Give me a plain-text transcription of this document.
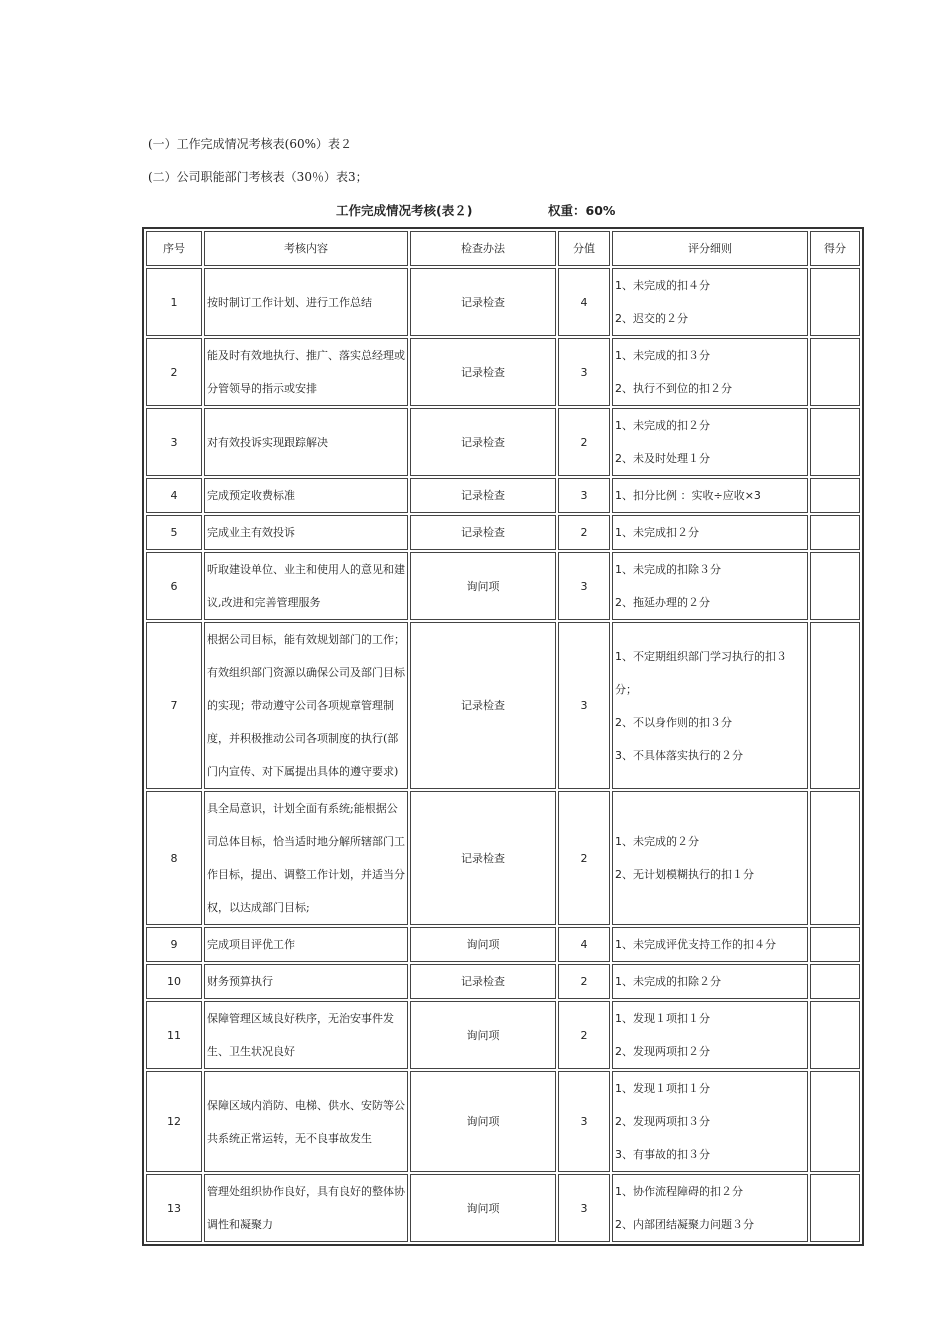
(一）工作完成情况考核表(60%）表２
(二）公司职能部门考核表（30％）表3；
工作完成情况考核(表２)	权重：60%
序号	考核内容	检查办法	分值	评分细则	得分
1	按时制订工作计划、进行工作总结	记录检查	4	1、未完成的扣４分
2、迟交的２分	

2	能及时有效地执行、推广、落实总经理或
分管领导的指示或安排	记录检查	3	1、未完成的扣３分
2、执行不到位的扣２分	

3	对有效投诉实现跟踪解决	记录检查	2	1、未完成的扣２分
2、未及时处理１分	

4	完成预定收费标准	记录检查	3	1、扣分比例 ：实收÷应收×3	

5	完成业主有效投诉	记录检查	2	1、未完成扣２分	

6	听取建设单位、业主和使用人的意见和建
议,改进和完善管理服务	询问项	3	1、未完成的扣除３分
2、拖延办理的２分	

7	根据公司目标，能有效规划部门的工作；
有效组织部门资源以确保公司及部门目标
的实现；带动遵守公司各项规章管理制
度，并积极推动公司各项制度的执行(部
门内宣传、对下属提出具体的遵守要求)	记录检查	3	1、不定期组织部门学习执行的扣３
分；
2、不以身作则的扣３分
3、不具体落实执行的２分	

8	具全局意识，计划全面有系统;能根据公
司总体目标，恰当适时地分解所辖部门工
作目标，提出、调整工作计划，并适当分
权，以达成部门目标;	记录检查	2	1、未完成的２分
2、无计划模糊执行的扣１分	

9	完成项目评优工作	询问项	4	1、未完成评优支持工作的扣４分	

10	财务预算执行	记录检查	2	1、未完成的扣除２分	

11	保障管理区域良好秩序，无治安事件发
生、卫生状况良好	询问项	2	1、发现１项扣１分
2、发现两项扣２分	

12	保障区域内消防、电梯、供水、安防等公
共系统正常运转，无不良事故发生	询问项	3	1、发现１项扣１分
2、发现两项扣３分
3、有事故的扣３分	

13	管理处组织协作良好，具有良好的整体协
调性和凝聚力	询问项	3	1、协作流程障碍的扣２分
2、内部团结凝聚力问题３分	
